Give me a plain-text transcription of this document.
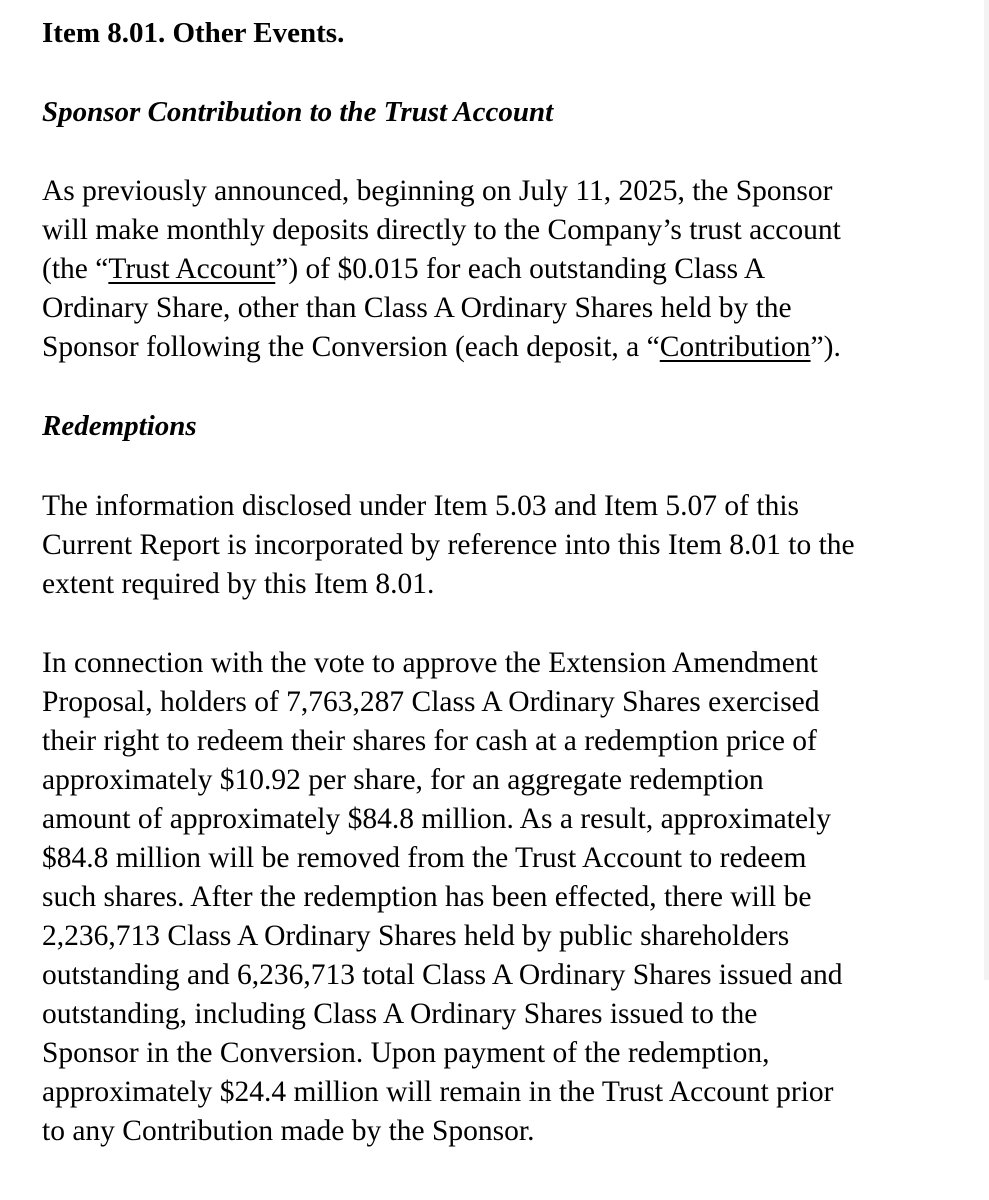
Item 8.01. Other Events.
Sponsor Contribution to the Trust Account
As previously announced, beginning on July 11, 2025, the Sponsor
will make monthly deposits directly to the Company’s trust account
(the “Trust Account”) of $0.015 for each outstanding Class A
Ordinary Share, other than Class A Ordinary Shares held by the
Sponsor following the Conversion (each deposit, a “Contribution”).
Redemptions
The information disclosed under Item 5.03 and Item 5.07 of this
Current Report is incorporated by reference into this Item 8.01 to the
extent required by this Item 8.01.
In connection with the vote to approve the Extension Amendment
Proposal, holders of 7,763,287 Class A Ordinary Shares exercised
their right to redeem their shares for cash at a redemption price of
approximately $10.92 per share, for an aggregate redemption
amount of approximately $84.8 million. As a result, approximately
$84.8 million will be removed from the Trust Account to redeem
such shares. After the redemption has been effected, there will be
2,236,713 Class A Ordinary Shares held by public shareholders
outstanding and 6,236,713 total Class A Ordinary Shares issued and
outstanding, including Class A Ordinary Shares issued to the
Sponsor in the Conversion. Upon payment of the redemption,
approximately $24.4 million will remain in the Trust Account prior
to any Contribution made by the Sponsor.
